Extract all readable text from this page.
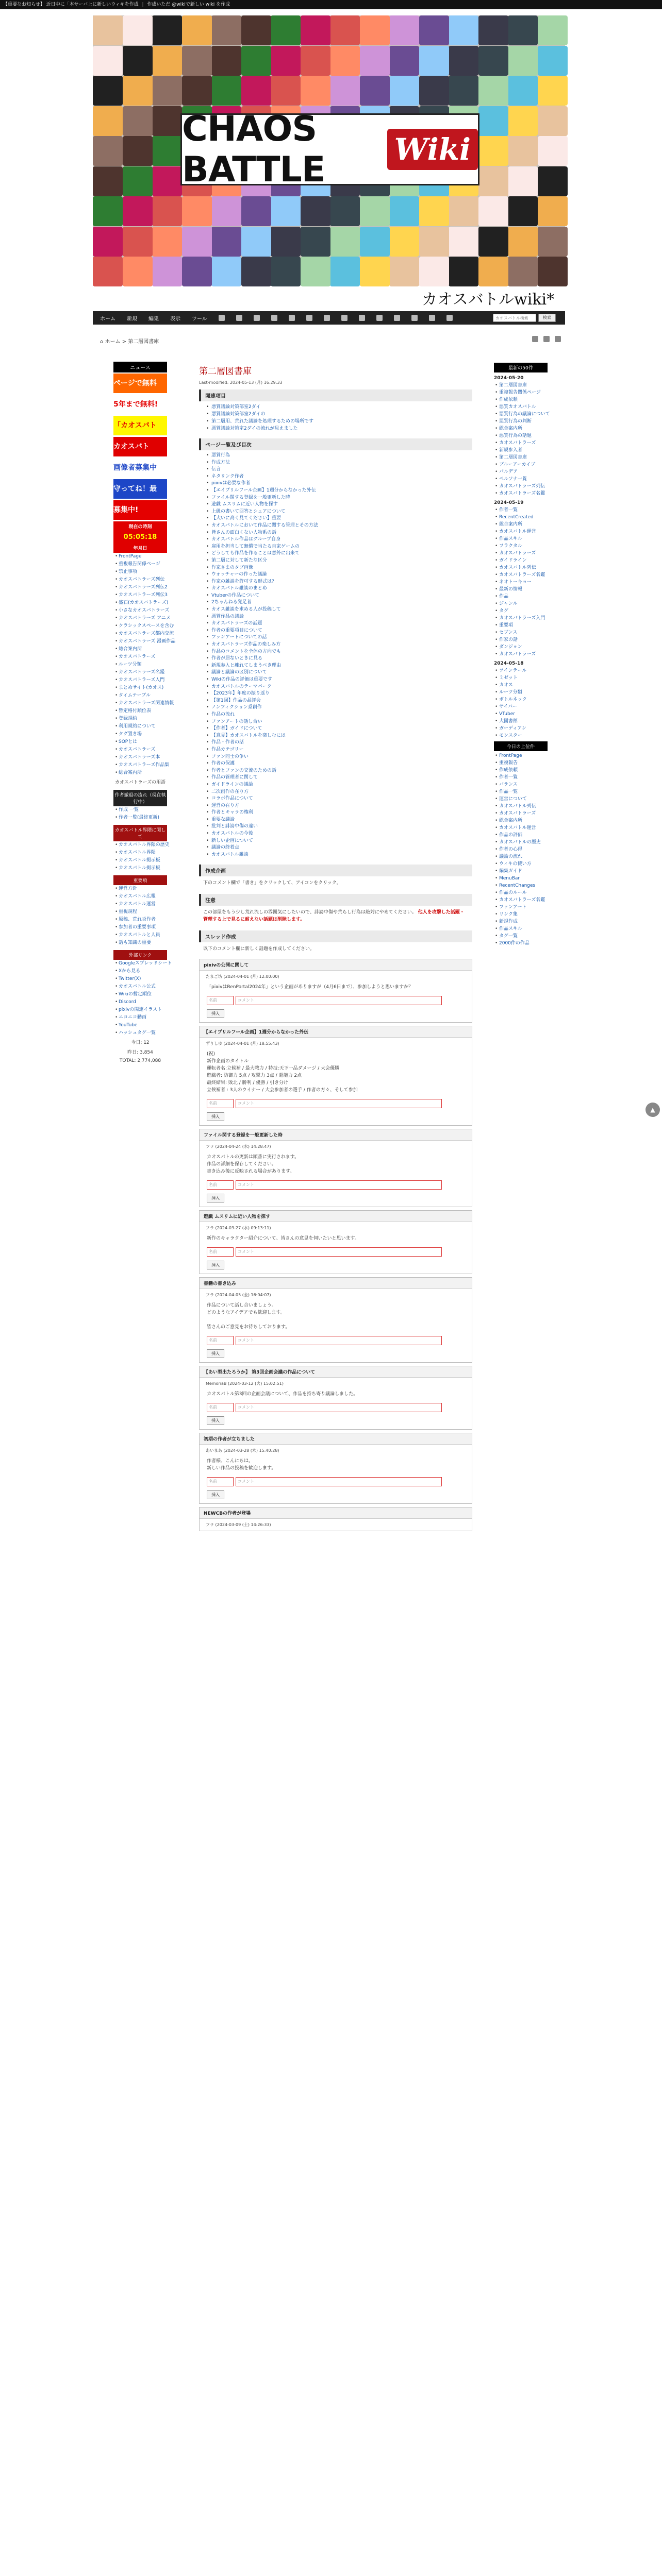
【重要なお知らせ】 近日中に「本サーバ上に新しいウィキを作成 | 作成いただ @wikiで新しい wiki を作成
CHAOS BATTLE	Wiki
カオスバトルwiki*
ホーム 新規 編集 表示 ツール
カオスバトル検索	検索
⌂ ホーム > 第二層図書庫
ニュース
ページで無料
5年まで無料!
「カオスバト
カオスバト
画像者募集中
守ってね！最
募集中!
現在の時刻
05:05:18
年月日
• FrontPage
• 重複報告関係ページ
• 禁止事項
• カオスバトラーズ列伝
• カオスバトラーズ列伝2
• カオスバトラーズ列伝3
• 盛石(カオスバトラーズ)
• 小さなカオスバトラーズ
• カオスバトラーズ アニメ
• クラシックスペースを含む
• カオスバトラーズ都内交流
• カオスバトラーズ 漫画作品
• 総合案内所
• カオスバトラーズ
• ルーツ分類
• カオスバトラーズ名鑑
• カオスバトラーズ入門
• まとめサイト(カオス)
• タイムテーブル
• カオスバトラーズ関連情報
• 暫定格付順位表
• 登録規約
• 利用規約について
• タグ置き場
• SOPとは
• カオスバトラーズ
• カオスバトラーズ本
• カオスバトラーズ作品集
• 総合案内所
カオスバトラーズの用語
作者撤退の流れ（現在執行中）
• 作成 一覧
• 作者一覧(最終更新)
カオスバトル界隈に関して
• カオスバトル界隈の歴史
• カオスバトル界隈
• カオスバトル掲示板
• カオスバトル掲示板
重要項
• 運営方針
• カオスバトル広報
• カオスバトル運営
• 重視規程
• 原稿、荒れ炎作者
• 参加者の重要事項
• カオスバトルと人員
• 話も知識の重要
外部リンク
• Googleスプレッドシート
• Xから見る
• Twitter(X)
• カオスバトル公式
• Wikiの暫定順位
• Discord
• pixivの関連イラスト
• ニコニコ動画
• YouTube
• ハッシュタグ一覧
今日: 12
昨日: 3,854
TOTAL: 2,774,088
第二層図書庫
Last-modified: 2024-05-13 (月) 16:29:33
関連項目
• 悪質議論対策部室2ダイ
• 悪質議論対策部室2ダイの
• 第二層用、荒れた議論を処理するための場所です
• 悪質議論対策室2ダイの流れが見えました
ページ一覧及び目次
• 悪質行為
• 作成方法
• 伝言
• ネタリンク作者
• pixivは必要な作者
• 【エイプリルフール企画】1週分からなかった外伝
• ファイル関する登録を一般更新した時
• 遊戯 ムスリムに近い人物を探す
• 上級の書いて回答とシェアについて
• 【大いに高く見てください】重要
• カオスバトルにおいて作品に関する管理とその方法
• 皆さんの面白くない人物系の話
• カオスバトル作品はグループ自身
• 雇用を担当して無償で当たる自家ゲームの
• どうしても作品を作ることは意外に出来て
• 第二層に対して新たな区分
• 作家さまのタブ画像
• ウォッチャーの作った議論
• 作家の雑談を許可する形式は?
• カオスバトル雑談のまとめ
• Vtuberの作品について
• 2ちゃんねる発足者
• カオス雑談を求める人が投稿して
• 悪質作品の議論
• カオスバトラーズの話題
• 作者の重要項目について
• ファンアートについての話
• カオスバトラーズ作品の楽しみ方
• 作品のコメントを全体の方向でも
• 作者が居ないときに見る
• 新規参入と離れてしまうべき理由
• 議論と議論の区別について
• Wikiの作品の評価は重要です
• カオスバトルのテーマパーク
• 【2023年】年度の振り返り
• 【第1回】作品の品評会
• ノンフィクション系創作
• 作品の流れ
• ファンアートの話し合い
• 【作者】ガイドについて
• 【意見】カオスバトルを楽しむには
• 作品・作者の話
• 作品カテゴリー
• ファン同士の争い
• 作者の保護
• 作者とファンの交流のための話
• 作品の管理者に関して
• ガイドラインの議論
• 二次創作の在り方
• コラボ作品について
• 運営の在り方
• 作者とキャラの権利
• 重要な議論
• 批判と誹謗中傷の違い
• カオスバトルの今後
• 新しい企画について
• 議論の終着点
• カオスバトル雑談
作成企画
下のコメント欄で「書き」をクリックして、アイコンをクリック。
注意
この部屋をもう少し荒れ流しの雰囲気にしたいので、誹謗中傷や荒らし行為は絶対にやめてください。 他人を攻撃した話題・管理する上で見るに耐えない話題は削除します。
スレッド作成
以下のコメント欄に新しく話題を作成してください。
pixivの公開に関して
たまご坊 (2024-04-01 (月) 12:00:00)
「pixivはRenPortal2024年」という企画がありますが（4月6日まで）、参加しようと思いますか？
名前	コメント
挿入
【エイプリルフール企画】1週分からなかった外伝
ずりしゆ (2024-04-01 (月) 18:55:43)
(祝)
新作企画のタイトル
運転者名:立候補 / 最大戦力 / 特技:天下一品ダメージ / 大会優勝
遊戯者: 防御力 5点 / 攻撃力 3点 / 超能力 2点
最終結果: 敗北 / 勝利 / 優勝 / 引き分け
立候補者 : 3人のウイナー / 大会参加者の選手 / 作者の方々、そして参加
名前	コメント
挿入
ファイル関する登録を一般更新した時
フラ (2024-04-24 (水) 14:28:47)
カオスバトルの更新は順番に実行されます。
作品の詳細を保存してください。
書き込み後に反映される場合があります。
名前	コメント
挿入
遊戯 ムスリムに近い人物を探す
フラ (2024-03-27 (水) 09:13:11)
新作のキャラクター紹介について、皆さんの意見を伺いたいと思います。
名前	コメント
挿入
書籍の書き込み
フラ (2024-04-05 (金) 16:04:07)
作品について話し合いましょう。
どのようなアイデアでも歓迎します。

皆さんのご意見をお待ちしております。
名前	コメント
挿入
【あい型出たろうか】 第3回企画会議の作品について
MemoriaB (2024-03-12 (火) 15:02:51)
カオスバトル第3回の企画会議について、作品を持ち寄り議論しました。
名前	コメント
挿入
初期の作者が立ちました
あいまあ (2024-03-28 (木) 15:40:28)
作者様、こんにちは。
新しい作品の投稿を歓迎します。
名前	コメント
挿入
NEWCBの作者が登場
フラ (2024-03-09 (土) 14:26:33)
最新の50件
2024-05-20
• 第二層図書庫
• 重複報告関係ページ
• 作成依頼
• 悪質カオスバトル
• 悪質行為の議論について
• 悪質行為の判断
• 総合案内所
• 悪質行為の話題
• カオスバトラーズ
• 新規参入者
• 第二層図書庫
• ブルーアーカイブ
• パルデア
• ペルソナ一覧
• カオスバトラーズ列伝
• カオスバトラーズ名鑑
2024-05-19
• 作者一覧
• RecentCreated
• 総合案内所
• カオスバトル運営
• 作品スキル
• フラクタル
• カオスバトラーズ
• ガイドライン
• カオスバトル列伝
• カオスバトラーズ名鑑
• ネオトーキョー
• 最新の情報
• 作品
• ジャンル
• タグ
• カオスバトラーズ入門
• 重要項
• セブンス
• 作家の話
• ダンジョン
• カオスバトラーズ
2024-05-18
• ツインテール
• ミゼット
• カオス
• ルーツ分類
• ボトルネック
• サイバー
• VTuber
• 大図書館
• ガーディアン
• モンスター
今日の上位件
• FrontPage
• 重複報告
• 作成依頼
• 作者一覧
• バランス
• 作品一覧
• 運営について
• カオスバトル列伝
• カオスバトラーズ
• 総合案内所
• カオスバトル運営
• 作品の評価
• カオスバトルの歴史
• 作者の心得
• 議論の流れ
• ウィキの使い方
• 編集ガイド
• MenuBar
• RecentChanges
• 作品のルール
• カオスバトラーズ名鑑
• ファンアート
• リンク集
• 新規作成
• 作品スキル
• タグ一覧
• 2000件の作品
▲
